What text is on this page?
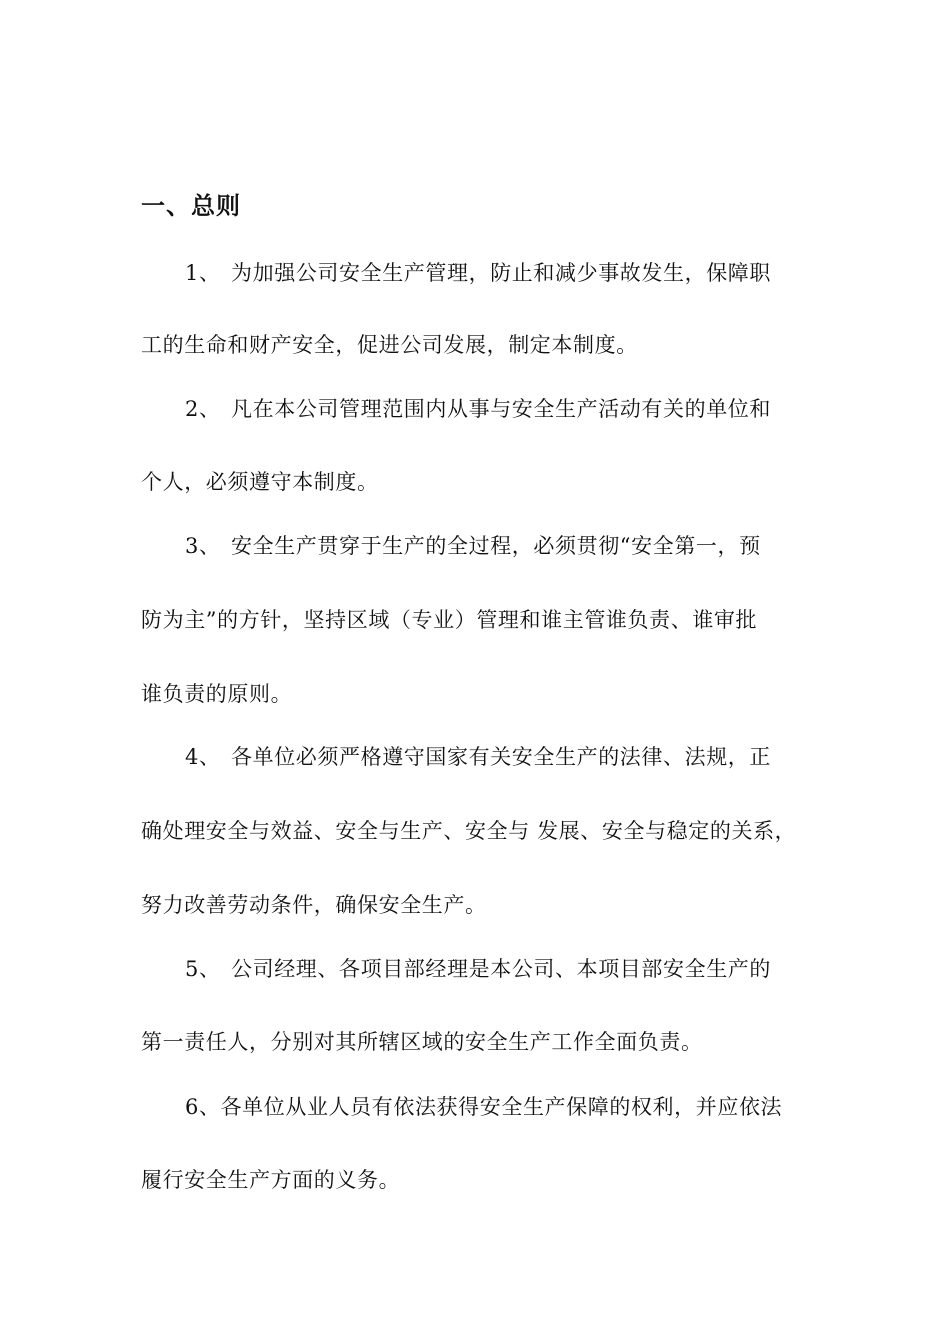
一、总则
1、 为加强公司安全生产管理，防止和减少事故发生，保障职
工的生命和财产安全，促进公司发展，制定本制度。
2、 凡在本公司管理范围内从事与安全生产活动有关的单位和
个人，必须遵守本制度。
3、 安全生产贯穿于生产的全过程，必须贯彻“安全第一，预
防为主”的方针，坚持区域（专业）管理和谁主管谁负责、谁审批
谁负责的原则。
4、 各单位必须严格遵守国家有关安全生产的法律、法规，正
确处理安全与效益、安全与生产、安全与 发展、安全与稳定的关系，
努力改善劳动条件，确保安全生产。
5、 公司经理、各项目部经理是本公司、本项目部安全生产的
第一责任人，分别对其所辖区域的安全生产工作全面负责。
6、各单位从业人员有依法获得安全生产保障的权利，并应依法
履行安全生产方面的义务。
